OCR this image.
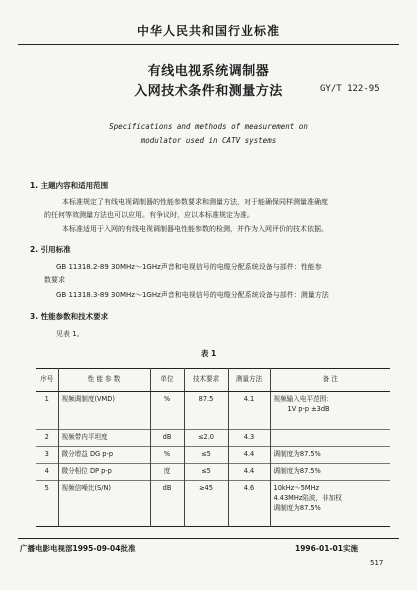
中华人民共和国行业标准
有线电视系统调制器
入网技术条件和测量方法	GY/T 122-95
Specifications and methods of measurement on
modulator used in CATV systems
1. 主题内容和适用范围
本标准规定了有线电视调制器的性能参数要求和测量方法，对于能确保同样测量准确度
的任何等效测量方法也可以应用。有争议时，应以本标准规定为准。
本标准适用于入网的有线电视调制器电性能参数的检测，并作为入网评价的技术依据。
2. 引用标准
GB 11318.2-89 30MHz～1GHz声音和电视信号的电缆分配系统设备与部件：性能参
数要求
GB 11318.3-89 30MHz～1GHz声音和电视信号的电缆分配系统设备与部件：测量方法
3. 性能参数和技术要求
见表 1。
表 1
序号	性 能 参 数	单位	技术要求	测量方法	备 注
1	视频调制度(VMD)	%	87.5	4.1	视频输入电平范围：
1V p-p ±3dB

2	视频带内平坦度	dB	≤2.0	4.3	
3	微分增益 DG p-p	%	≤5	4.4	调制度为87.5%
4	微分相位 DP p-p	度	≤5	4.4	调制度为87.5%
5	视频信噪比(S/N)	dB	≥45	4.6	10kHz～5MHz
4.43MHz陷波，非加权
调制度为87.5%
广播电影电视部1995-09-04批准	1996-01-01实施
517
